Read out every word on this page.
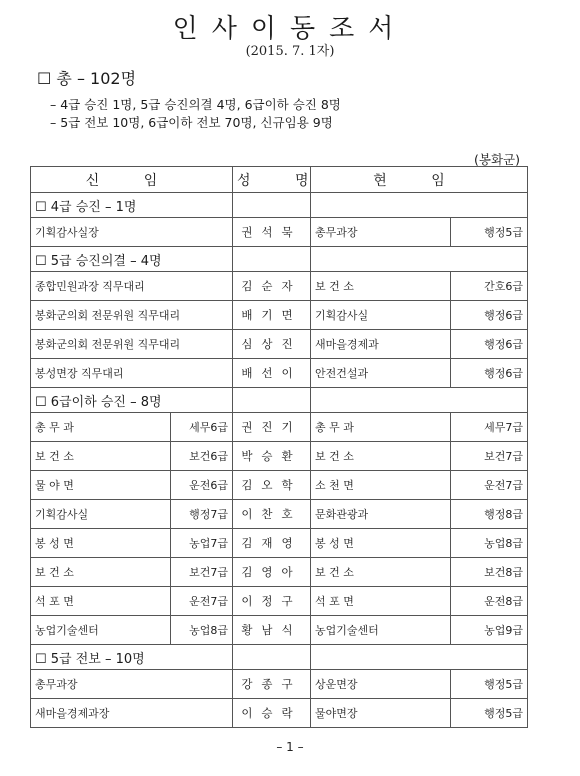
인사이동조서
(2015. 7. 1자)
☐ 총 – 102명
– 4급 승진 1명, 5급 승진의결 4명, 6급이하 승진 8명
– 5급 전보 10명, 6급이하 전보 70명, 신규임용 9명
(봉화군)
신 임		성 명	현 임	
☐ 4급 승진 – 1명				
기획감사실장		권석묵	총무과장	행정5급
☐ 5급 승진의결 – 4명				
종합민원과장 직무대리		김순자	보 건 소	간호6급
봉화군의회 전문위원 직무대리		배기면	기획감사실	행정6급
봉화군의회 전문위원 직무대리		심상진	새마을경제과	행정6급
봉성면장 직무대리		배선이	안전건설과	행정6급
☐ 6급이하 승진 – 8명				
총 무 과	세무6급	권진기	총 무 과	세무7급
보 건 소	보건6급	박승환	보 건 소	보건7급
물 야 면	운전6급	김오학	소 천 면	운전7급
기획감사실	행정7급	이찬호	문화관광과	행정8급
봉 성 면	농업7급	김재영	봉 성 면	농업8급
보 건 소	보건7급	김영아	보 건 소	보건8급
석 포 면	운전7급	이정구	석 포 면	운전8급
농업기술센터	농업8급	황남식	농업기술센터	농업9급
☐ 5급 전보 – 10명				
총무과장		강종구	상운면장	행정5급
새마을경제과장		이승락	물야면장	행정5급
– 1 –
